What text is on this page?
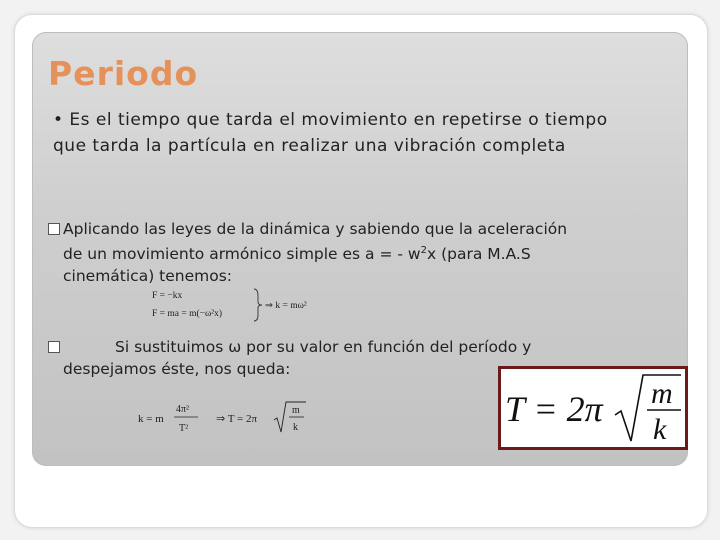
Periodo
• Es el tiempo que tarda el movimiento en repetirse o tiempo que tarda la partícula en realizar una vibración completa
Aplicando las leyes de la dinámica y sabiendo que la aceleración
de un movimiento armónico simple es a = - $w^2x$ (para M.A.S
cinemática) tenemos:
F = −kx
F = ma = m(−ω²x)
⇒ k = mω²
Si sustituimos ω por su valor en función del período y
despejamos éste, nos queda:
k = m
4π²
T²
⇒ T = 2π
m
k	T = 2π m
k
